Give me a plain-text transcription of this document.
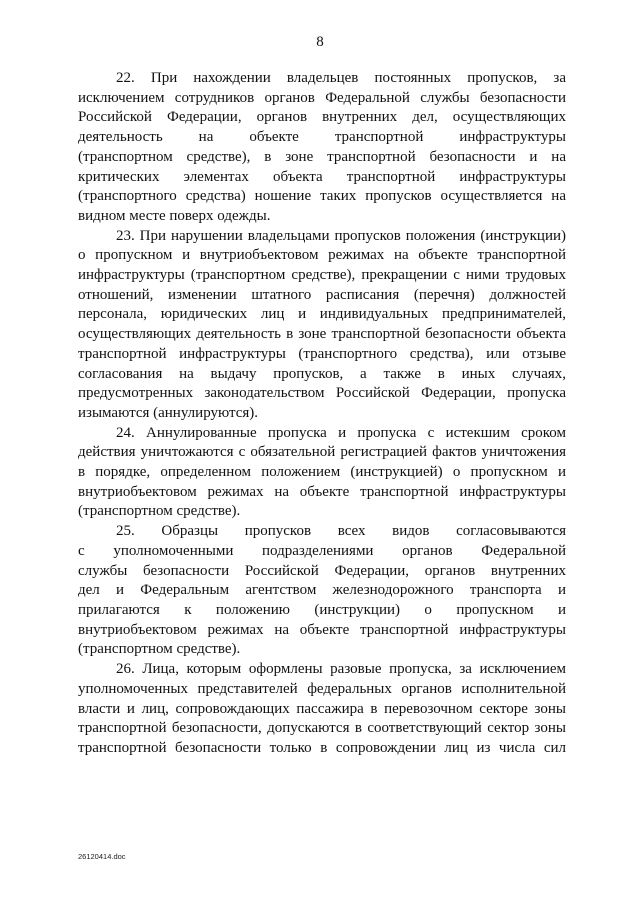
8

22. При нахождении владельцев постоянных пропусков, за
исключением сотрудников органов Федеральной службы безопасности
Российской Федерации, органов внутренних дел, осуществляющих
деятельность на объекте транспортной инфраструктуры
(транспортном средстве), в зоне транспортной безопасности и на
критических элементах объекта транспортной инфраструктуры
(транспортного средства) ношение таких пропусков осуществляется на
видном месте поверх одежды.

23. При нарушении владельцами пропусков положения (инструкции)
о пропускном и внутриобъектовом режимах на объекте транспортной
инфраструктуры (транспортном средстве), прекращении с ними трудовых
отношений, изменении штатного расписания (перечня) должностей
персонала, юридических лиц и индивидуальных предпринимателей,
осуществляющих деятельность в зоне транспортной безопасности объекта
транспортной инфраструктуры (транспортного средства), или отзыве
согласования на выдачу пропусков, а также в иных случаях,
предусмотренных законодательством Российской Федерации, пропуска
изымаются (аннулируются).

24. Аннулированные пропуска и пропуска с истекшим сроком
действия уничтожаются с обязательной регистрацией фактов уничтожения
в порядке, определенном положением (инструкцией) о пропускном и
внутриобъектовом режимах на объекте транспортной инфраструктуры
(транспортном средстве).

25. Образцы пропусков всех видов согласовываются
с уполномоченными подразделениями органов Федеральной
службы безопасности Российской Федерации, органов внутренних
дел и Федеральным агентством железнодорожного транспорта и
прилагаются к положению (инструкции) о пропускном и
внутриобъектовом режимах на объекте транспортной инфраструктуры
(транспортном средстве).

26. Лица, которым оформлены разовые пропуска, за исключением
уполномоченных представителей федеральных органов исполнительной
власти и лиц, сопровождающих пассажира в перевозочном секторе зоны
транспортной безопасности, допускаются в соответствующий сектор зоны
транспортной безопасности только в сопровождении лиц из числа сил

26120414.doc
